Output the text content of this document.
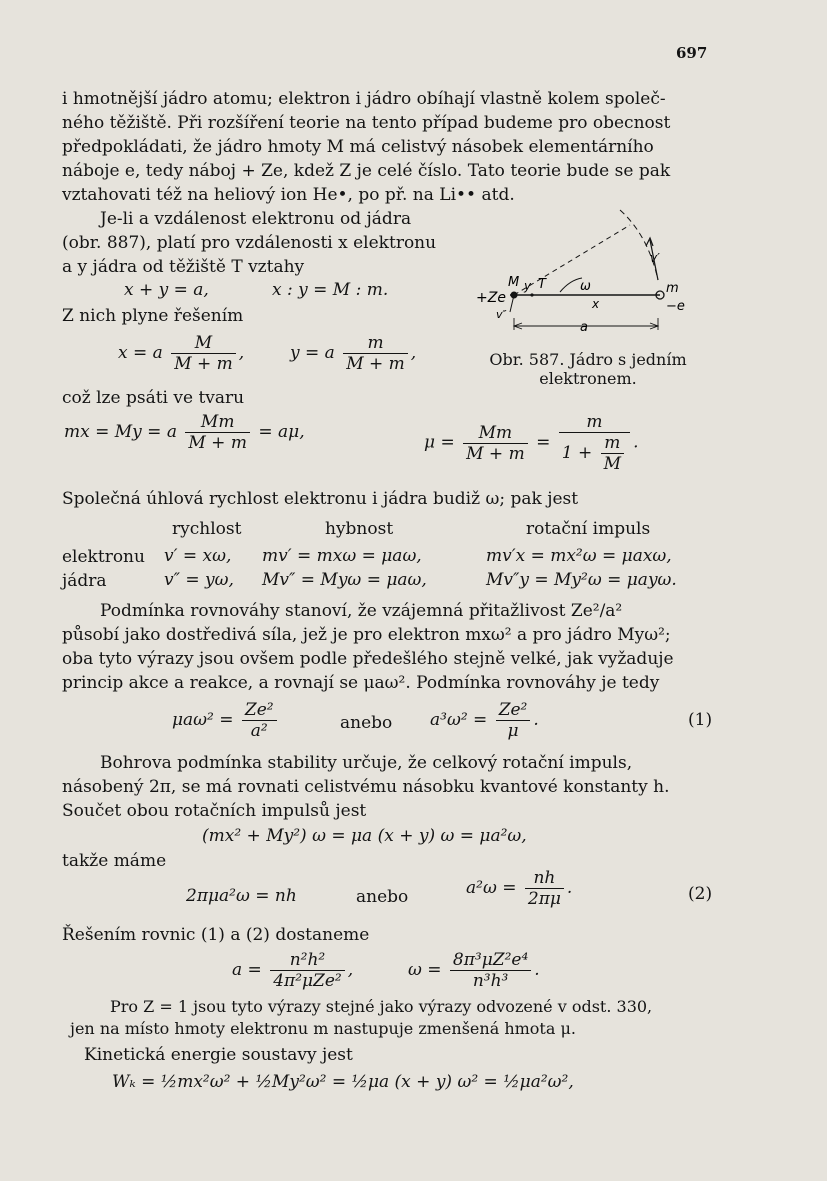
697
i hmotnější jádro atomu; elektron i jádro obíhají vlastně kolem společ-
ného těžiště. Při rozšíření teorie na tento případ budeme pro obecnost
předpokládati, že jádro hmoty M má celistvý násobek elementárního
náboje e, tedy náboj + Ze, kdež Z je celé číslo. Tato teorie bude se pak
vztahovati též na heliový ion He•, po př. na Li•• atd.
Je-li a vzdálenost elektronu od jádra
(obr. 887), platí pro vzdálenosti x elektronu
a y jádra od těžiště T vztahy
x + y = a,	x : y = M : m.
Z nich plyne řešením
x = a $\frac{M}{M + m}$ ,	y = a $\frac{m}{M + m}$ ,
+Ze
M y T	ω	m
−e
x
a
v′
v″
Obr. 587. Jádro s jedním
elektronem.
což lze psáti ve tvaru
mx = My = a $\frac{Mm}{M + m} = a\mu$,
$\mu = \frac{Mm}{M + m} = \frac{m}{1 + \frac{m}{M}}$ .
Společná úhlová rychlost elektronu i jádra budiž ω; pak jest
rychlost	hybnost	rotační impuls
elektronu v′ = xω, mv′ = mxω = μaω,	mv′x = mx²ω = μaxω,
jádra	v″ = yω, Mv″ = Myω = μaω,	Mv″y = My²ω = μayω.
Podmínka rovnováhy stanoví, že vzájemná přitažlivost Ze²/a²
působí jako dostředivá síla, jež je pro elektron mxω² a pro jádro Myω²;
oba tyto výrazy jsou ovšem podle předešlého stejně velké, jak vyžaduje
princip akce a reakce, a rovnají se μaω². Podmínka rovnováhy je tedy
$\mu a\omega^2 = \frac{\text{Ze²}}{\text{a²}}$	anebo $a^3\omega^2 = \frac{\text{Ze²}}{\mu}$ .	(1)
Bohrova podmínka stability určuje, že celkový rotační impuls,
násobený 2π, se má rovnati celistvému násobku kvantové konstanty h.
Součet obou rotačních impulsů jest
(mx² + My²) ω = μa (x + y) ω = μa²ω,
takže máme
2πμa²ω = nh	anebo	$a^2\omega = \frac{nh}{2\pi\mu}$ .	(2)
Řešením rovnic (1) a (2) dostaneme
$a = \frac{\text{n²h²}}{\text{4π²μZe²}}$ ,	$\omega = \frac{\text{8π³μZ²e⁴}}{\text{n³h³}}$ .
Pro Z = 1 jsou tyto výrazy stejné jako výrazy odvozené v odst. 330,
jen na místo hmoty elektronu m nastupuje zmenšená hmota μ.
Kinetická energie soustavy jest
Wₖ = ½mx²ω² + ½My²ω² = ½μa (x + y) ω² = ½μa²ω²,
